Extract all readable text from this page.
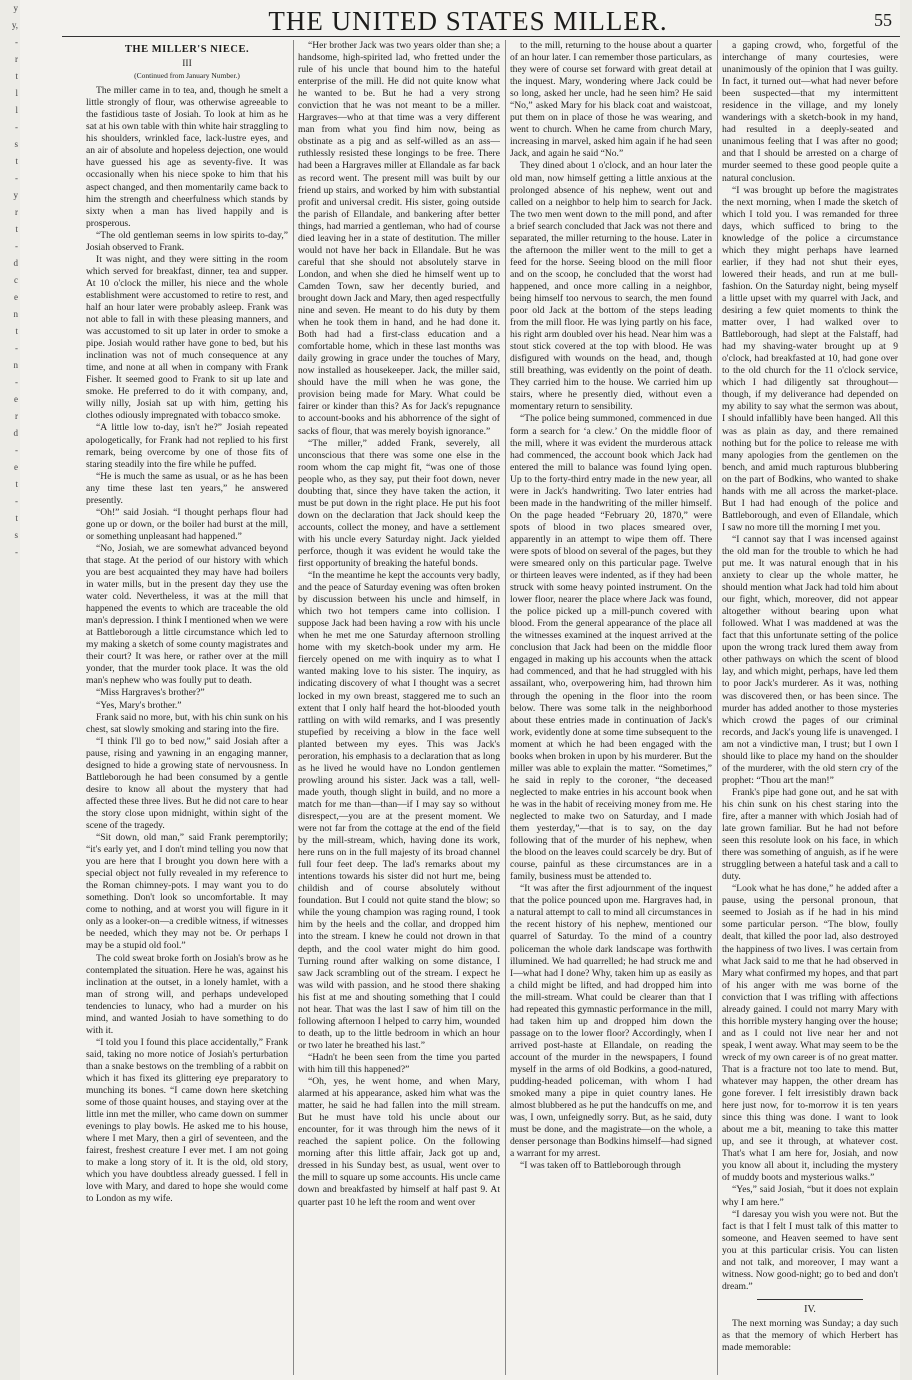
y
y,
-
r
t
l
l
-
s
t
-
y
r
t
-
d
c
e
n
t
-
n
-
e
r
d
-
e
t
-
t
s
-
THE UNITED STATES MILLER.	55
THE MILLER'S NIECE.
III
(Continued from January Number.)

The miller came in to tea, and, though he smelt a little strongly of flour, was otherwise agreeable to the fastidious taste of Josiah. To look at him as he sat at his own table with thin white hair straggling to his shoulders, wrinkled face, lack-lustre eyes, and an air of absolute and hopeless dejection, one would have guessed his age as seventy-five. It was occasionally when his niece spoke to him that his aspect changed, and then momentarily came back to him the strength and cheerfulness which stands by sixty when a man has lived happily and is prosperous.

“The old gentleman seems in low spirits to-day,” Josiah observed to Frank.

It was night, and they were sitting in the room which served for breakfast, dinner, tea and supper. At 10 o'clock the miller, his niece and the whole establishment were accustomed to retire to rest, and half an hour later were probably asleep. Frank was not able to fall in with these pleasing manners, and was accustomed to sit up later in order to smoke a pipe. Josiah would rather have gone to bed, but his inclination was not of much consequence at any time, and none at all when in company with Frank Fisher. It seemed good to Frank to sit up late and smoke. He preferred to do it with company, and, willy nilly, Josiah sat up with him, getting his clothes odiously impregnated with tobacco smoke.

“A little low to-day, isn't he?” Josiah repeated apologetically, for Frank had not replied to his first remark, being overcome by one of those fits of staring steadily into the fire while he puffed.

“He is much the same as usual, or as he has been any time these last ten years,” he answered presently.

“Oh!” said Josiah. “I thought perhaps flour had gone up or down, or the boiler had burst at the mill, or something unpleasant had happened.”

“No, Josiah, we are somewhat advanced beyond that stage. At the period of our history with which you are best acquainted they may have had boilers in water mills, but in the present day they use the water cold. Nevertheless, it was at the mill that happened the events to which are traceable the old man's depression. I think I mentioned when we were at Battleborough a little circumstance which led to my making a sketch of some county magistrates and their court? It was here, or rather over at the mill yonder, that the murder took place. It was the old man's nephew who was foully put to death.

“Miss Hargraves's brother?”

“Yes, Mary's brother.”

Frank said no more, but, with his chin sunk on his chest, sat slowly smoking and staring into the fire.

“I think I'll go to bed now,” said Josiah after a pause, rising and yawning in an engaging manner, designed to hide a growing state of nervousness. In Battleborough he had been consumed by a gentle desire to know all about the mystery that had affected these three lives. But he did not care to hear the story close upon midnight, within sight of the scene of the tragedy.

“Sit down, old man,” said Frank peremptorily; “it's early yet, and I don't mind telling you now that you are here that I brought you down here with a special object not fully revealed in my reference to the Roman chimney-pots. I may want you to do something. Don't look so uncomfortable. It may come to nothing, and at worst you will figure in it only as a looker-on—a credible witness, if witnesses be needed, which they may not be. Or perhaps I may be a stupid old fool.”

The cold sweat broke forth on Josiah's brow as he contemplated the situation. Here he was, against his inclination at the outset, in a lonely hamlet, with a man of strong will, and perhaps undeveloped tendencies to lunacy, who had a murder on his mind, and wanted Josiah to have something to do with it.

“I told you I found this place accidentally,” Frank said, taking no more notice of Josiah's perturbation than a snake bestows on the trembling of a rabbit on which it has fixed its glittering eye preparatory to munching its bones. “I came down here sketching some of those quaint houses, and staying over at the little inn met the miller, who came down on summer evenings to play bowls. He asked me to his house, where I met Mary, then a girl of seventeen, and the fairest, freshest creature I ever met. I am not going to make a long story of it. It is the old, old story, which you have doubtless already guessed. I fell in love with Mary, and dared to hope she would come to London as my wife.

“Her brother Jack was two years older than she; a handsome, high-spirited lad, who fretted under the rule of his uncle that bound him to the hateful enterprise of the mill. He did not quite know what he wanted to be. But he had a very strong conviction that he was not meant to be a miller. Hargraves—who at that time was a very different man from what you find him now, being as obstinate as a pig and as self-willed as an ass—ruthlessly resisted these longings to be free. There had been a Hargraves miller at Ellandale as far back as record went. The present mill was built by our friend up stairs, and worked by him with substantial profit and universal credit. His sister, going outside the parish of Ellandale, and bankering after better things, had married a gentleman, who had of course died leaving her in a state of destitution. The miller would not have her back in Ellandale. But he was careful that she should not absolutely starve in London, and when she died he himself went up to Camden Town, saw her decently buried, and brought down Jack and Mary, then aged respectfully nine and seven. He meant to do his duty by them when he took them in hand, and he had done it. Both had had a first-class education and a comfortable home, which in these last months was daily growing in grace under the touches of Mary, now installed as housekeeper. Jack, the miller said, should have the mill when he was gone, the provision being made for Mary. What could be fairer or kinder than this? As for Jack's repugnance to account-books and his abhorrence of the sight of sacks of flour, that was merely boyish ignorance.”

“The miller,” added Frank, severely, all unconscious that there was some one else in the room whom the cap might fit, “was one of those people who, as they say, put their foot down, never doubting that, since they have taken the action, it must be put down in the right place. He put his foot down on the declaration that Jack should keep the accounts, collect the money, and have a settlement with his uncle every Saturday night. Jack yielded perforce, though it was evident he would take the first opportunity of breaking the hateful bonds.

“In the meantime he kept the accounts very badly, and the peace of Saturday evening was often broken by discussion between his uncle and himself, in which two hot tempers came into collision. I suppose Jack had been having a row with his uncle when he met me one Saturday afternoon strolling home with my sketch-book under my arm. He fiercely opened on me with inquiry as to what I wanted making love to his sister. The inquiry, as indicating discovery of what I thought was a secret locked in my own breast, staggered me to such an extent that I only half heard the hot-blooded youth rattling on with wild remarks, and I was presently stupefied by receiving a blow in the face well planted between my eyes. This was Jack's peroration, his emphasis to a declaration that as long as he lived he would have no London gentlemen prowling around his sister. Jack was a tall, well-made youth, though slight in build, and no more a match for me than—than—if I may say so without disrespect,—you are at the present moment. We were not far from the cottage at the end of the field by the mill-stream, which, having done its work, here runs on in the full majesty of its broad channel full four feet deep. The lad's remarks about my intentions towards his sister did not hurt me, being childish and of course absolutely without foundation. But I could not quite stand the blow; so while the young champion was raging round, I took him by the heels and the collar, and dropped him into the stream. I knew he could not drown in that depth, and the cool water might do him good. Turning round after walking on some distance, I saw Jack scrambling out of the stream. I expect he was wild with passion, and he stood there shaking his fist at me and shouting something that I could not hear. That was the last I saw of him till on the following afternoon I helped to carry him, wounded to death, up to the little bedroom in which an hour or two later he breathed his last.”

“Hadn't he been seen from the time you parted with him till this happened?”

“Oh, yes, he went home, and when Mary, alarmed at his appearance, asked him what was the matter, he said he had fallen into the mill stream. But he must have told his uncle about our encounter, for it was through him the news of it reached the sapient police. On the following morning after this little affair, Jack got up and, dressed in his Sunday best, as usual, went over to the mill to square up some accounts. His uncle came down and breakfasted by himself at half past 9. At quarter past 10 he left the room and went over

to the mill, returning to the house about a quarter of an hour later. I can remember those particulars, as they were of course set forward with great detail at the inquest. Mary, wondering where Jack could be so long, asked her uncle, had he seen him? He said “No,” asked Mary for his black coat and waistcoat, put them on in place of those he was wearing, and went to church. When he came from church Mary, increasing in marvel, asked him again if he had seen Jack, and again he said “No.”

They dined about 1 o'clock, and an hour later the old man, now himself getting a little anxious at the prolonged absence of his nephew, went out and called on a neighbor to help him to search for Jack. The two men went down to the mill pond, and after a brief search concluded that Jack was not there and separated, the miller returning to the house. Later in the afternoon the miller went to the mill to get a feed for the horse. Seeing blood on the mill floor and on the scoop, he concluded that the worst had happened, and once more calling in a neighbor, being himself too nervous to search, the men found poor old Jack at the bottom of the steps leading from the mill floor. He was lying partly on his face, his right arm doubled over his head. Near him was a stout stick covered at the top with blood. He was disfigured with wounds on the head, and, though still breathing, was evidently on the point of death. They carried him to the house. We carried him up stairs, where he presently died, without even a momentary return to sensibility.

“The police being summoned, commenced in due form a search for ‘a clew.’ On the middle floor of the mill, where it was evident the murderous attack had commenced, the account book which Jack had entered the mill to balance was found lying open. Up to the forty-third entry made in the new year, all were in Jack's handwriting. Two later entries had been made in the handwriting of the miller himself. On the page headed “February 20, 1870,” were spots of blood in two places smeared over, apparently in an attempt to wipe them off. There were spots of blood on several of the pages, but they were smeared only on this particular page. Twelve or thirteen leaves were indented, as if they had been struck with some heavy pointed instrument. On the lower floor, nearer the place where Jack was found, the police picked up a mill-punch covered with blood. From the general appearance of the place all the witnesses examined at the inquest arrived at the conclusion that Jack had been on the middle floor engaged in making up his accounts when the attack had commenced, and that he had struggled with his assailant, who, overpowering him, had thrown him through the opening in the floor into the room below. There was some talk in the neighborhood about these entries made in continuation of Jack's work, evidently done at some time subsequent to the moment at which he had been engaged with the books when broken in upon by his murderer. But the miller was able to explain the matter. “Sometimes,” he said in reply to the coroner, “the deceased neglected to make entries in his account book when he was in the habit of receiving money from me. He neglected to make two on Saturday, and I made them yesterday,”—that is to say, on the day following that of the murder of his nephew, when the blood on the leaves could scarcely be dry. But of course, painful as these circumstances are in a family, business must be attended to.

“It was after the first adjournment of the inquest that the police pounced upon me. Hargraves had, in a natural attempt to call to mind all circumstances in the recent history of his nephew, mentioned our quarrel of Saturday. To the mind of a country policeman the whole dark landscape was forthwith illumined. We had quarrelled; he had struck me and I—what had I done? Why, taken him up as easily as a child might be lifted, and had dropped him into the mill-stream. What could be clearer than that I had repeated this gymnastic performance in the mill, had taken him up and dropped him down the passage on to the lower floor? Accordingly, when I arrived post-haste at Ellandale, on reading the account of the murder in the newspapers, I found myself in the arms of old Bodkins, a good-natured, pudding-headed policeman, with whom I had smoked many a pipe in quiet country lanes. He almost blubbered as he put the handcuffs on me, and was, I own, unfeignedly sorry. But, as he said, duty must be done, and the magistrate—on the whole, a denser personage than Bodkins himself—had signed a warrant for my arrest.

“I was taken off to Battleborough through

a gaping crowd, who, forgetful of the interchange of many courtesies, were unanimously of the opinion that I was guilty. In fact, it turned out—what had never before been suspected—that my intermittent residence in the village, and my lonely wanderings with a sketch-book in my hand, had resulted in a deeply-seated and unanimous feeling that I was after no good; and that I should be arrested on a charge of murder seemed to these good people quite a natural conclusion.

“I was brought up before the magistrates the next morning, when I made the sketch of which I told you. I was remanded for three days, which sufficed to bring to the knowledge of the police a circumstance which they might perhaps have learned earlier, if they had not shut their eyes, lowered their heads, and run at me bull-fashion. On the Saturday night, being myself a little upset with my quarrel with Jack, and desiring a few quiet moments to think the matter over, I had walked over to Battleborough, had slept at the Falstaff, had had my shaving-water brought up at 9 o'clock, had breakfasted at 10, had gone over to the old church for the 11 o'clock service, which I had diligently sat throughout—though, if my deliverance had depended on my ability to say what the sermon was about, I should infallibly have been hanged. All this was as plain as day, and there remained nothing but for the police to release me with many apologies from the gentlemen on the bench, and amid much rapturous blubbering on the part of Bodkins, who wanted to shake hands with me all across the market-place. But I had had enough of the police and Battleborough, and even of Ellandale, which I saw no more till the morning I met you.

“I cannot say that I was incensed against the old man for the trouble to which he had put me. It was natural enough that in his anxiety to clear up the whole matter, he should mention what Jack had told him about our fight, which, moreover, did not appear altogether without bearing upon what followed. What I was maddened at was the fact that this unfortunate setting of the police upon the wrong track lured them away from other pathways on which the scent of blood lay, and which might, perhaps, have led them to poor Jack's murderer. As it was, nothing was discovered then, or has been since. The murder has added another to those mysteries which crowd the pages of our criminal records, and Jack's young life is unavenged. I am not a vindictive man, I trust; but I own I should like to place my hand on the shoulder of the murderer, with the old stern cry of the prophet: “Thou art the man!”

Frank's pipe had gone out, and he sat with his chin sunk on his chest staring into the fire, after a manner with which Josiah had of late grown familiar. But he had not before seen this resolute look on his face, in which there was something of anguish, as if he were struggling between a hateful task and a call to duty.

“Look what he has done,” he added after a pause, using the personal pronoun, that seemed to Josiah as if he had in his mind some particular person. “The blow, foully dealt, that killed the poor lad, also destroyed the happiness of two lives. I was certain from what Jack said to me that he had observed in Mary what confirmed my hopes, and that part of his anger with me was borne of the conviction that I was trifling with affections already gained. I could not marry Mary with this horrible mystery hanging over the house; and as I could not live near her and not speak, I went away. What may seem to be the wreck of my own career is of no great matter. That is a fracture not too late to mend. But, whatever may happen, the other dream has gone forever. I felt irresistibly drawn back here just now, for to-morrow it is ten years since this thing was done. I want to look about me a bit, meaning to take this matter up, and see it through, at whatever cost. That's what I am here for, Josiah, and now you know all about it, including the mystery of muddy boots and mysterious walks.”

“Yes,” said Josiah, “but it does not explain why I am here.”

“I daresay you wish you were not. But the fact is that I felt I must talk of this matter to someone, and Heaven seemed to have sent you at this particular crisis. You can listen and not talk, and moreover, I may want a witness. Now good-night; go to bed and don't dream.”

IV.

The next morning was Sunday; a day such as that the memory of which Herbert has made memorable:
